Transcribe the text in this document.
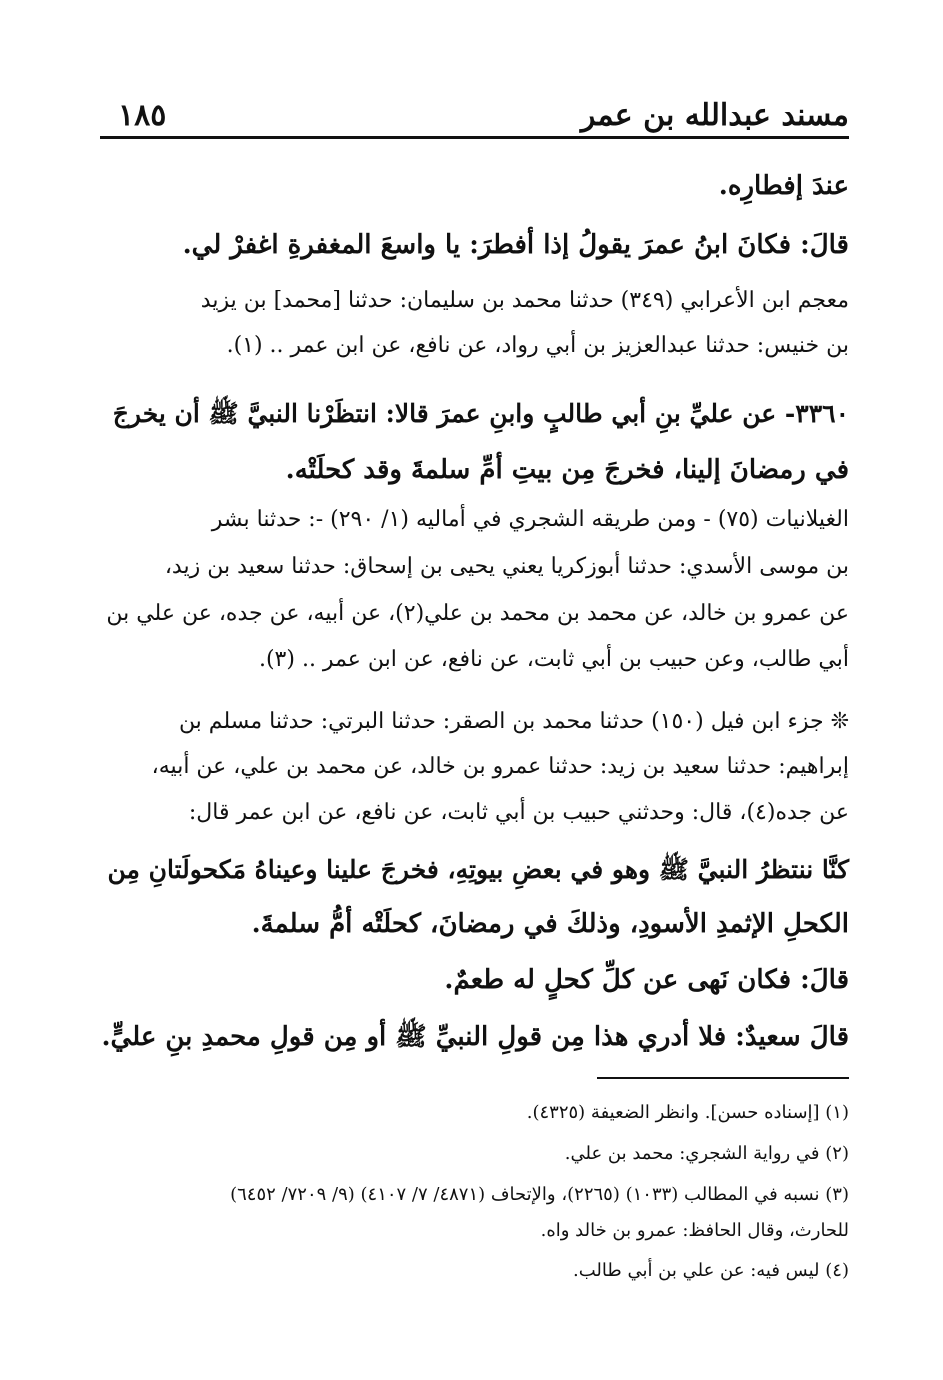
مسند عبدالله بن عمر
١٨٥
عندَ إفطارِه.
قالَ: فكانَ ابنُ عمرَ يقولُ إذا أفطرَ: يا واسعَ المغفرةِ اغفرْ لي.
معجم ابن الأعرابي (٣٤٩) حدثنا محمد بن سليمان: حدثنا [محمد] بن يزيد
بن خنيس: حدثنا عبدالعزيز بن أبي رواد، عن نافع، عن ابن عمر .. (١).
٣٣٦٠- عن عليِّ بنِ أبي طالبٍ وابنِ عمرَ قالا: انتظَرْنا النبيَّ ﷺ أن يخرجَ
في رمضانَ إلينا، فخرجَ مِن بيتِ أمِّ سلمةَ وقد كحلَتْه.
الغيلانيات (٧٥) - ومن طريقه الشجري في أماليه (١/ ٢٩٠) -: حدثنا بشر
بن موسى الأسدي: حدثنا أبوزكريا يعني يحيى بن إسحاق: حدثنا سعيد بن زيد،
عن عمرو بن خالد، عن محمد بن محمد بن علي(٢)، عن أبيه، عن جده، عن علي بن
أبي طالب، وعن حبيب بن أبي ثابت، عن نافع، عن ابن عمر .. (٣).
❊ جزء ابن فيل (١٥٠) حدثنا محمد بن الصقر: حدثنا البرتي: حدثنا مسلم بن
إبراهيم: حدثنا سعيد بن زيد: حدثنا عمرو بن خالد، عن محمد بن علي، عن أبيه،
عن جده(٤)، قال: وحدثني حبيب بن أبي ثابت، عن نافع، عن ابن عمر قال:
كنَّا ننتظرُ النبيَّ ﷺ وهو في بعضِ بيوتِهِ، فخرجَ علينا وعيناهُ مَكحولَتانِ مِن
الكحلِ الإثمدِ الأسودِ، وذلكَ في رمضانَ، كحلَتْه أمُّ سلمةَ.
قالَ: فكان نَهى عن كلِّ كحلٍ له طعمٌ.
قالَ سعيدٌ: فلا أدري هذا مِن قولِ النبيِّ ﷺ أو مِن قولِ محمدِ بنِ عليٍّ.
(١) [إسناده حسن]. وانظر الضعيفة (٤٣٢٥).
(٢) في رواية الشجري: محمد بن علي.
(٣) نسبه في المطالب (١٠٣٣) (٢٢٦٥)، والإتحاف (٤٨٧١/ ٧/ ٤١٠٧) (٩/ ٧٢٠٩/ ٦٤٥٢)
للحارث، وقال الحافظ: عمرو بن خالد واه.
(٤) ليس فيه: عن علي بن أبي طالب.
